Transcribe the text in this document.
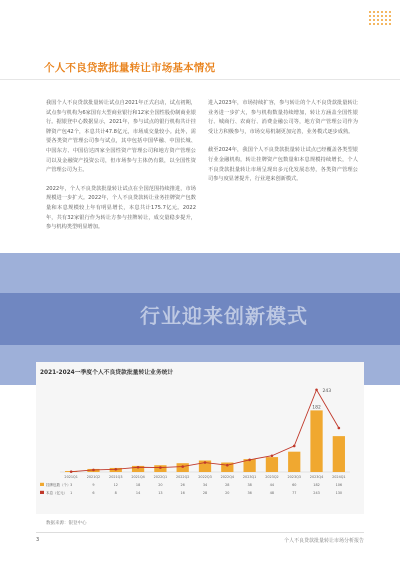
个人不良贷款批量转让市场基本情况

我国个人不良贷款批量转让试点自2021年正式启动，试点初期，试点参与机构为6家国有大型商业银行和12家全国性股份制商业银行。据银登中心数据显示，2021年，参与试点的银行机构共计挂牌资产包42个，本息共计47.8亿元，市场成交量较小。此外，需要各类资产管理公司参与试点，其中包括中国华融、中国长城、中国东方、中国信达四家全国性资产管理公司和地方资产管理公司以及金融资产投资公司，但市场参与主体仍有限，以全国性资产管理公司为主。

2022年，个人不良贷款批量转让试点在全国范围持续推进，市场规模进一步扩大。2022年，个人不良贷款转让业务挂牌资产包数量和本息规模较上年有明显增长，本息共计175.7亿元。2022年，共有32家银行作为转让方参与挂牌转让，成交量稳步提升，参与机构类型明显增加。

进入2023年，市场持续扩容，参与转让的个人不良贷款批量转让业务进一步扩大，参与机构数量持续增加，转让方涵盖全国性银行、城商行、农商行、消费金融公司等，地方资产管理公司作为受让方积极参与，市场交易机制更加完善，业务模式逐步成熟。

截至2024年，我国个人不良贷款批量转让试点已经覆盖各类型银行业金融机构，转让挂牌资产包数量和本息规模持续增长，个人不良贷款批量转让市场呈现出多元化发展态势，各类资产管理公司参与度显著提升，行业迎来创新模式。

行业迎来创新模式
2021-2024一季度个人不良贷款批量转让业务统计
182
243
2021Q1	2021Q2	2021Q3	2021Q4	2022Q1	2022Q2	2022Q3	2022Q4	2023Q1	2023Q2	2023Q3	2023Q4	2024Q1
挂牌包数（个） 3	9	12	18	20	26	34	28	38	44	60	182	106
本息（亿元） 1	6	8	14	13	16	28	20	36	48	77	243	130
数据来源：银登中心
3	个人不良贷款批量转让市场分析报告
